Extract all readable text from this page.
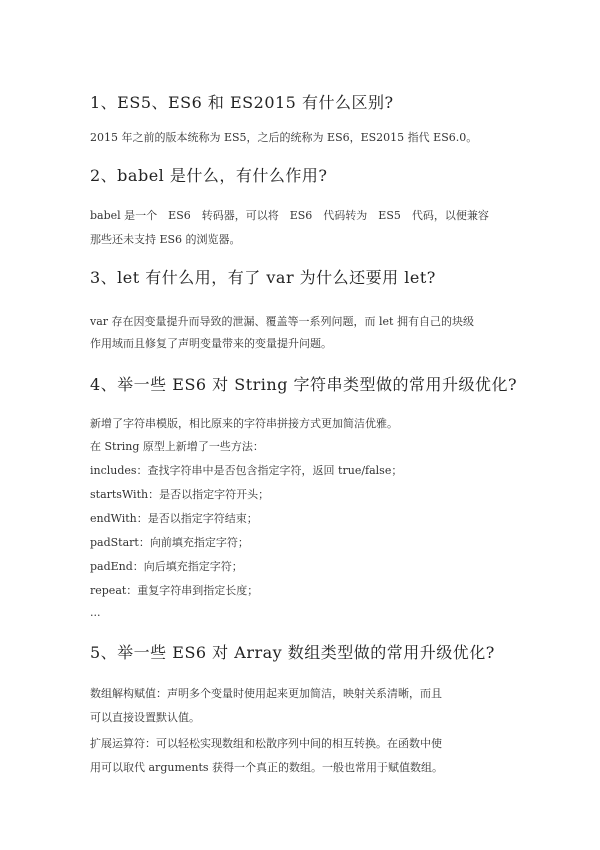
1、ES5、ES6 和 ES2015 有什么区别?

2015 年之前的版本统称为 ES5，之后的统称为 ES6，ES2015 指代 ES6.0。

2、babel 是什么，有什么作用?

babel 是一个　ES6　转码器，可以将　ES6　代码转为　ES5　代码，以便兼容

那些还未支持 ES6 的浏览器。

3、let 有什么用，有了 var 为什么还要用 let?

var 存在因变量提升而导致的泄漏、覆盖等一系列问题，而 let 拥有自己的块级

作用域而且修复了声明变量带来的变量提升问题。

4、举一些 ES6 对 String 字符串类型做的常用升级优化?

新增了字符串模版，相比原来的字符串拼接方式更加简洁优雅。

在 String 原型上新增了一些方法：

includes：查找字符串中是否包含指定字符，返回 true/false；

startsWith：是否以指定字符开头；

endWith：是否以指定字符结束；

padStart：向前填充指定字符；

padEnd：向后填充指定字符；

repeat：重复字符串到指定长度；

...

5、举一些 ES6 对 Array 数组类型做的常用升级优化?

数组解构赋值：声明多个变量时使用起来更加简洁，映射关系清晰，而且

可以直接设置默认值。

扩展运算符：可以轻松实现数组和松散序列中间的相互转换。在函数中使

用可以取代 arguments 获得一个真正的数组。一般也常用于赋值数组。
